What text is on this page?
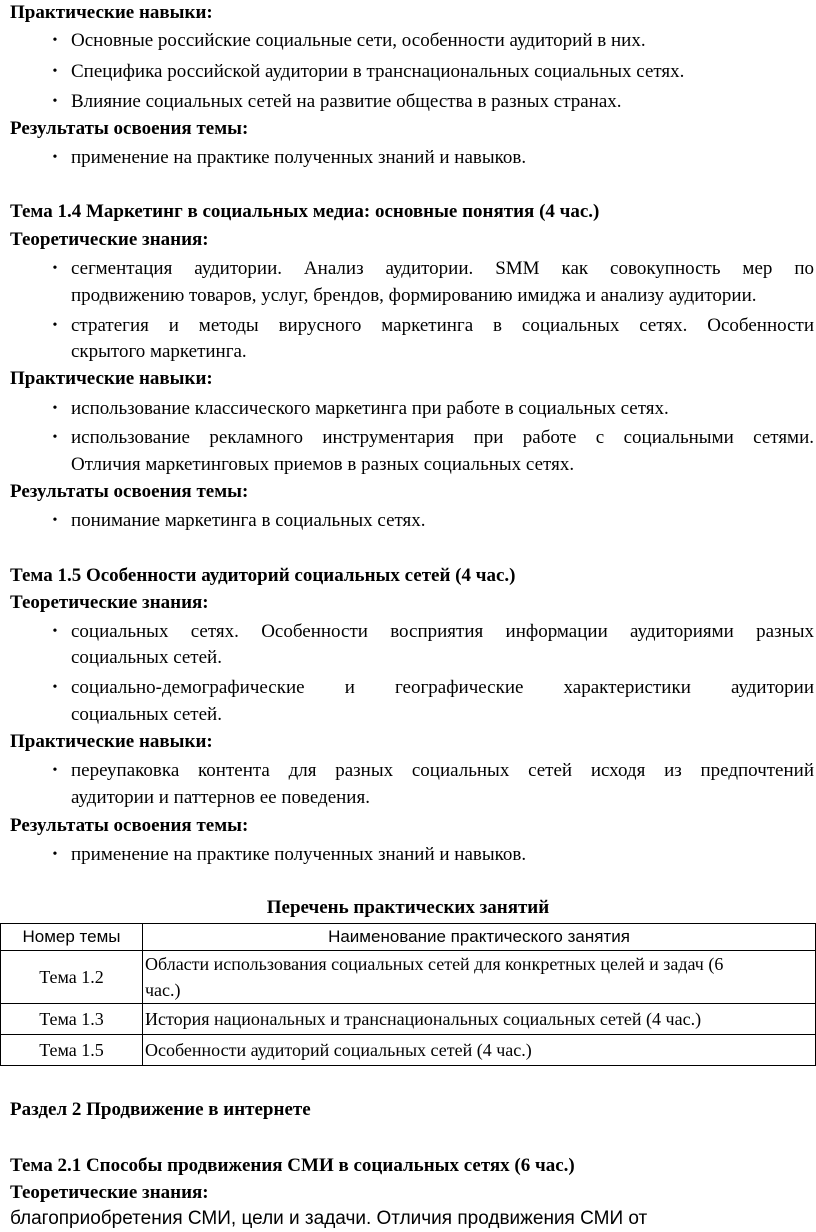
Практические навыки:
• Основные российские социальные сети, особенности аудиторий в них.
• Специфика российской аудитории в транснациональных социальных сетях.
• Влияние социальных сетей на развитие общества в разных странах.
Результаты освоения темы:
• применение на практике полученных знаний и навыков.
Тема 1.4 Маркетинг в социальных медиа: основные понятия (4 час.)
Теоретические знания:
• сегментация аудитории. Анализ аудитории. SMM как совокупность мер по
продвижению товаров, услуг, брендов, формированию имиджа и анализу аудитории.
• стратегия и методы вирусного маркетинга в социальных сетях. Особенности
скрытого маркетинга.
Практические навыки:
• использование классического маркетинга при работе в социальных сетях.
• использование рекламного инструментария при работе с социальными сетями.
Отличия маркетинговых приемов в разных социальных сетях.
Результаты освоения темы:
• понимание маркетинга в социальных сетях.
Тема 1.5 Особенности аудиторий социальных сетей (4 час.)
Теоретические знания:
• социальных сетях. Особенности восприятия информации аудиториями разных
социальных сетей.
• социально-демографические и географические характеристики аудитории
социальных сетей.
Практические навыки:
• переупаковка контента для разных социальных сетей исходя из предпочтений
аудитории и паттернов ее поведения.
Результаты освоения темы:
• применение на практике полученных знаний и навыков.
Перечень практических занятий
Номер темы	Наименование практического занятия
Тема 1.2	Области использования социальных сетей для конкретных целей и задач (6
час.)

Тема 1.3	История национальных и транснациональных социальных сетей (4 час.)
Тема 1.5	Особенности аудиторий социальных сетей (4 час.)
Раздел 2 Продвижение в интернете
Тема 2.1 Способы продвижения СМИ в социальных сетях (6 час.)
Теоретические знания:
благоприобретения СМИ, цели и задачи. Отличия продвижения СМИ от
